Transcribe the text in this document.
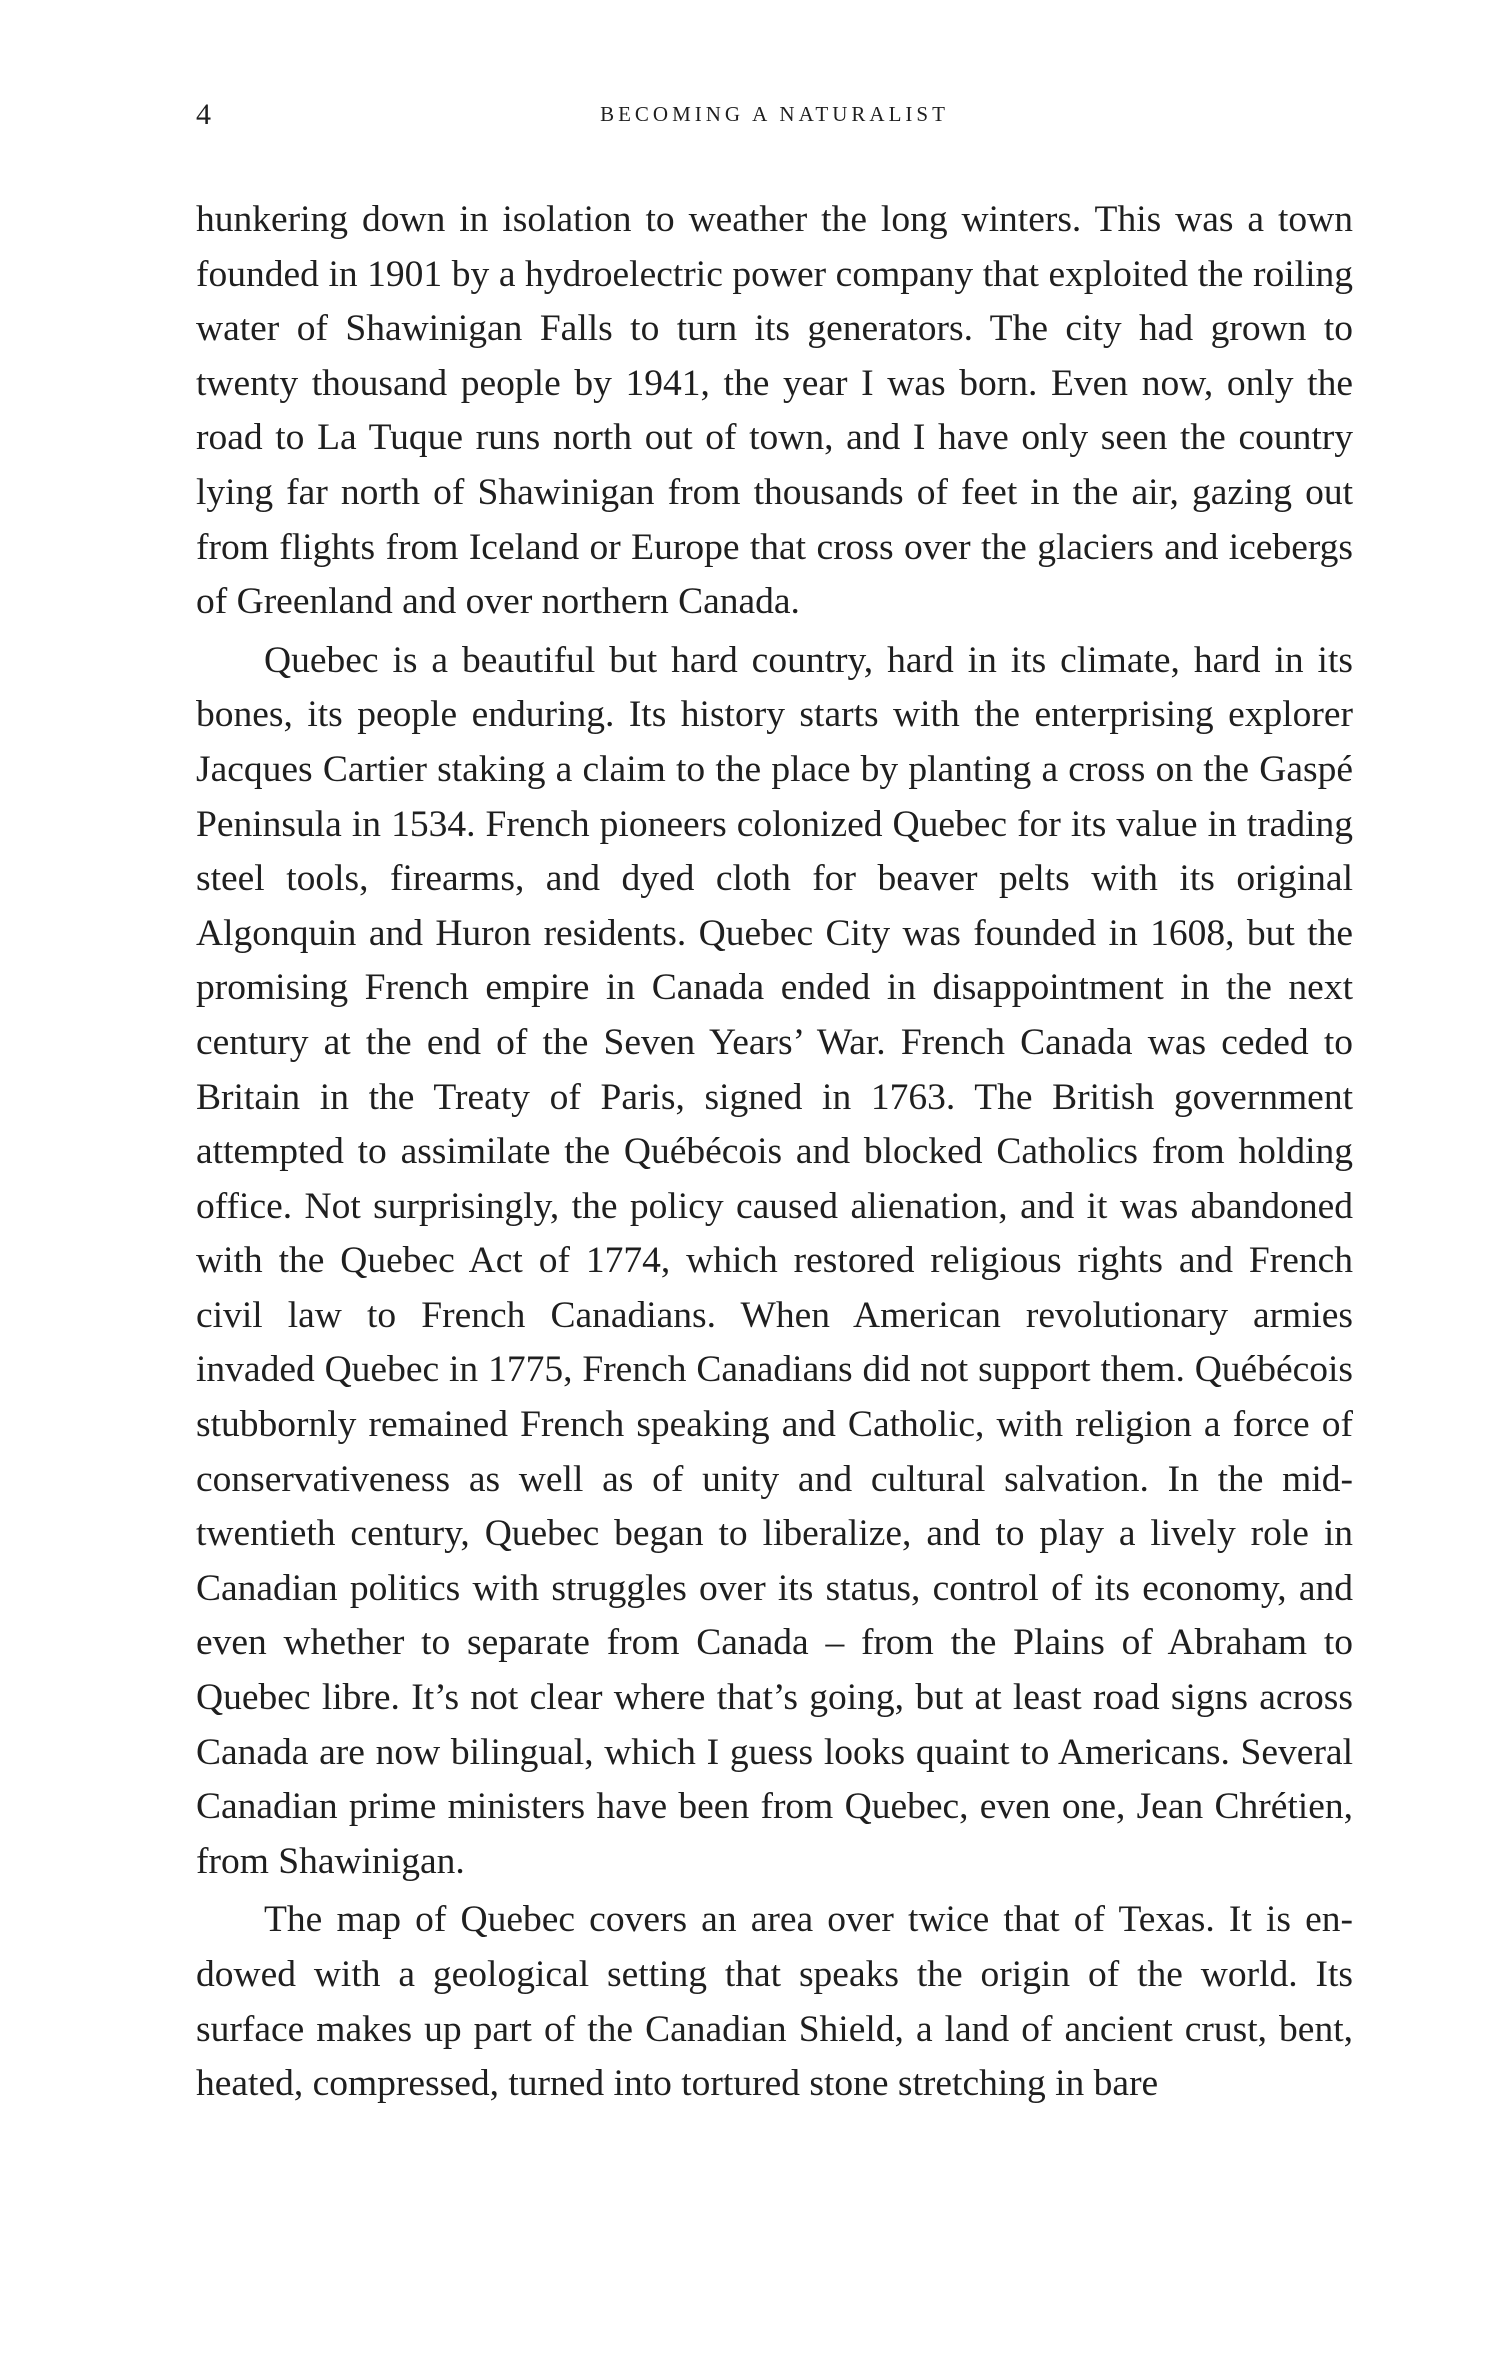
4	BECOMING A NATURALIST

hunkering down in isolation to weather the long winters. This was a town founded in 1901 by a hydroelectric power company that exploited the roiling water of Shawinigan Falls to turn its generators. The city had grown to twenty thousand people by 1941, the year I was born. Even now, only the road to La Tuque runs north out of town, and I have only seen the country lying far north of Shawinigan from thousands of feet in the air, gazing out from flights from Iceland or Europe that cross over the glaciers and icebergs of Greenland and over northern Canada.

Quebec is a beautiful but hard country, hard in its climate, hard in its bones, its people enduring. Its history starts with the enterprising explorer Jacques Cartier staking a claim to the place by planting a cross on the Gaspé Peninsula in 1534. French pioneers colonized Quebec for its value in trading steel tools, firearms, and dyed cloth for beaver pelts with its original Algonquin and Huron residents. Quebec City was founded in 1608, but the promising French empire in Canada ended in disappointment in the next century at the end of the Seven Years’ War. French Canada was ceded to Britain in the Treaty of Paris, signed in 1763. The British government attempted to assimilate the Québécois and blocked Catholics from holding office. Not surprisingly, the policy caused alienation, and it was abandoned with the Quebec Act of 1774, which restored religious rights and French civil law to French Canadians. When American revolutionary armies invaded Quebec in 1775, French Canadians did not support them. Québécois stubbornly remained French speaking and Catholic, with religion a force of conservativeness as well as of unity and cultural salvation. In the mid-twentieth century, Quebec began to liberalize, and to play a lively role in Canadian politics with struggles over its status, control of its economy, and even whether to separate from Canada – from the Plains of Abraham to Quebec libre. It’s not clear where that’s going, but at least road signs across Canada are now bilingual, which I guess looks quaint to Americans. Several Canadian prime ministers have been from Quebec, even one, Jean Chrétien, from Shawinigan.

The map of Quebec covers an area over twice that of Texas. It is endowed with a geological setting that speaks the origin of the world. Its surface makes up part of the Canadian Shield, a land of ancient crust, bent, heated, compressed, turned into tortured stone stretching in bare
